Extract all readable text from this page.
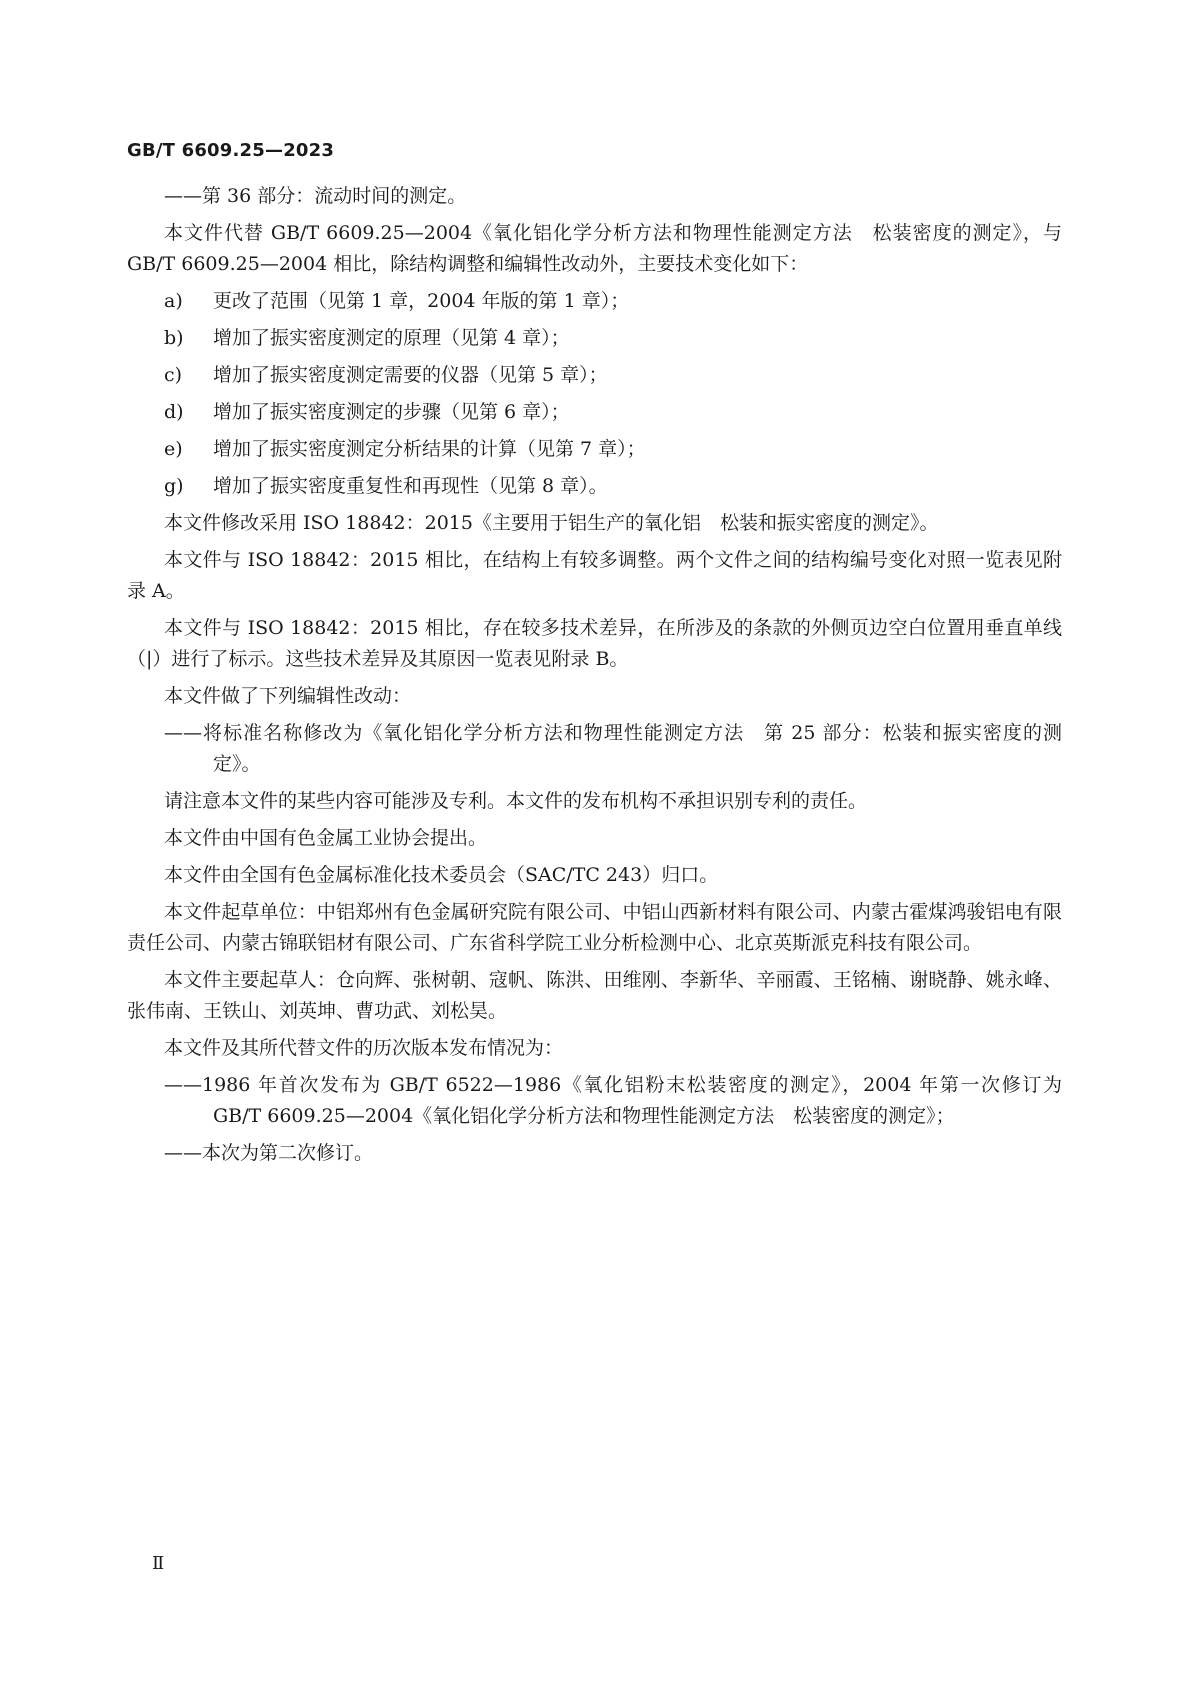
GB/T 6609.25—2023

——第 36 部分：流动时间的测定。

本文件代替 GB/T 6609.25—2004《氧化铝化学分析方法和物理性能测定方法　松装密度的测定》，与 GB/T 6609.25—2004 相比，除结构调整和编辑性改动外，主要技术变化如下：

a) 更改了范围（见第 1 章，2004 年版的第 1 章）；
b) 增加了振实密度测定的原理（见第 4 章）；
c) 增加了振实密度测定需要的仪器（见第 5 章）；
d) 增加了振实密度测定的步骤（见第 6 章）；
e) 增加了振实密度测定分析结果的计算（见第 7 章）；
g) 增加了振实密度重复性和再现性（见第 8 章）。

本文件修改采用 ISO 18842：2015《主要用于铝生产的氧化铝　松装和振实密度的测定》。

本文件与 ISO 18842：2015 相比，在结构上有较多调整。两个文件之间的结构编号变化对照一览表见附录 A。

本文件与 ISO 18842：2015 相比，存在较多技术差异，在所涉及的条款的外侧页边空白位置用垂直单线（|）进行了标示。这些技术差异及其原因一览表见附录 B。

本文件做了下列编辑性改动：

——将标准名称修改为《氧化铝化学分析方法和物理性能测定方法　第 25 部分：松装和振实密度的测定》。

请注意本文件的某些内容可能涉及专利。本文件的发布机构不承担识别专利的责任。

本文件由中国有色金属工业协会提出。

本文件由全国有色金属标准化技术委员会（SAC/TC 243）归口。

本文件起草单位：中铝郑州有色金属研究院有限公司、中铝山西新材料有限公司、内蒙古霍煤鸿骏铝电有限责任公司、内蒙古锦联铝材有限公司、广东省科学院工业分析检测中心、北京英斯派克科技有限公司。

本文件主要起草人：仓向辉、张树朝、寇帆、陈洪、田维刚、李新华、辛丽霞、王铭楠、谢晓静、姚永峰、张伟南、王铁山、刘英坤、曹功武、刘松昊。

本文件及其所代替文件的历次版本发布情况为：

——1986 年首次发布为 GB/T 6522—1986《氧化铝粉末松装密度的测定》，2004 年第一次修订为 GB/T 6609.25—2004《氧化铝化学分析方法和物理性能测定方法　松装密度的测定》；

——本次为第二次修订。

Ⅱ
